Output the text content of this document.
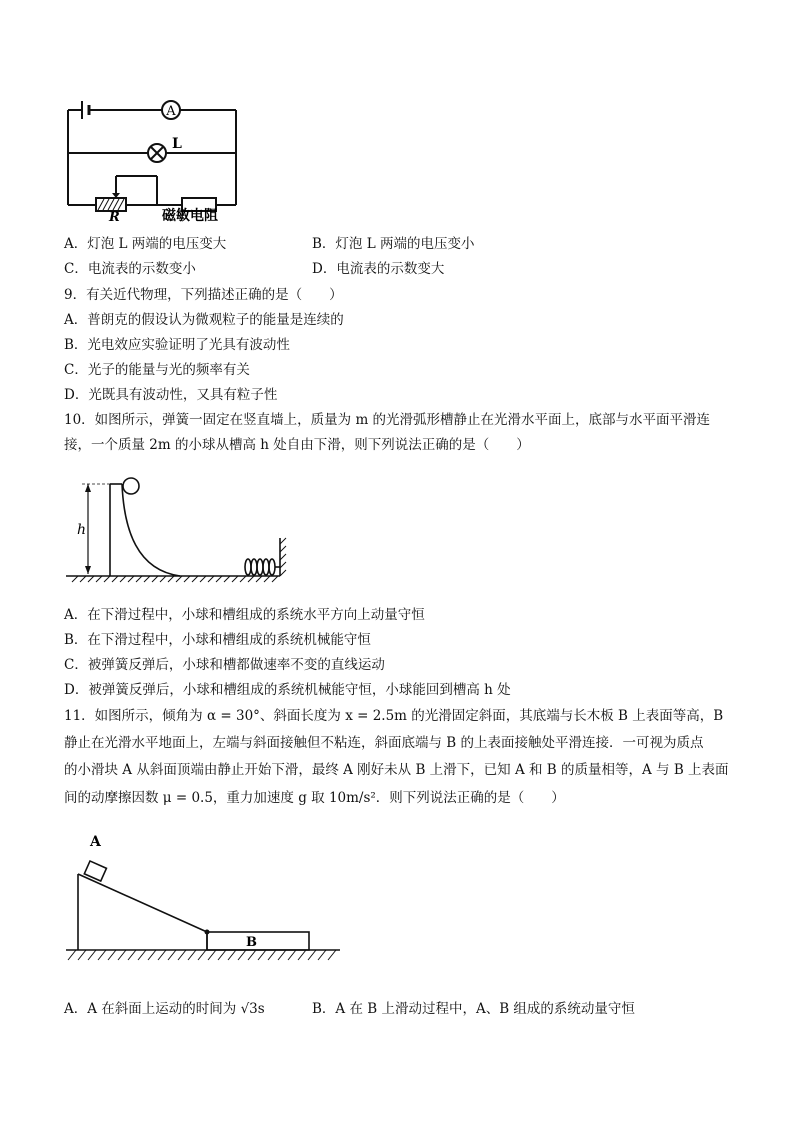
A
L
R	磁敏电阻
A．灯泡 L 两端的电压变大	B．灯泡 L 两端的电压变小
C．电流表的示数变小	D．电流表的示数变大
9．有关近代物理，下列描述正确的是（　　）
A．普朗克的假设认为微观粒子的能量是连续的
B．光电效应实验证明了光具有波动性
C．光子的能量与光的频率有关
D．光既具有波动性，又具有粒子性
10．如图所示，弹簧一固定在竖直墙上，质量为 m 的光滑弧形槽静止在光滑水平面上，底部与水平面平滑连
接，一个质量 2m 的小球从槽高 h 处自由下滑，则下列说法正确的是（　　）
h
A．在下滑过程中，小球和槽组成的系统水平方向上动量守恒
B．在下滑过程中，小球和槽组成的系统机械能守恒
C．被弹簧反弹后，小球和槽都做速率不变的直线运动
D．被弹簧反弹后，小球和槽组成的系统机械能守恒，小球能回到槽高 h 处
11．如图所示，倾角为 α = 30°、斜面长度为 x = 2.5m 的光滑固定斜面，其底端与长木板 B 上表面等高，B
静止在光滑水平地面上，左端与斜面接触但不粘连，斜面底端与 B 的上表面接触处平滑连接．一可视为质点
的小滑块 A 从斜面顶端由静止开始下滑，最终 A 刚好未从 B 上滑下，已知 A 和 B 的质量相等，A 与 B 上表面
间的动摩擦因数 μ = 0.5，重力加速度 g 取 10m/s²．则下列说法正确的是（　　）
A
B
A．A 在斜面上运动的时间为 √3s	B．A 在 B 上滑动过程中，A、B 组成的系统动量守恒
